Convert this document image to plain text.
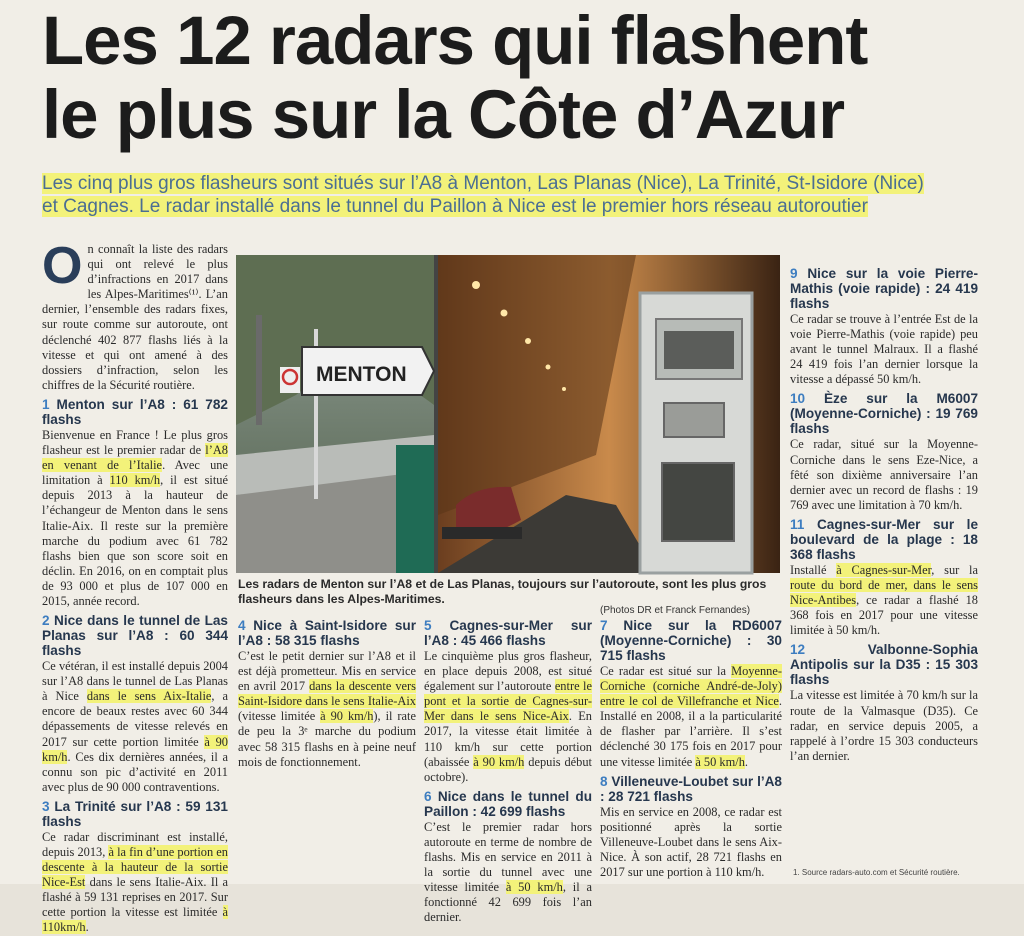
Les 12 radars qui flashent
le plus sur la Côte d’Azur
Les cinq plus gros flasheurs sont situés sur l’A8 à Menton, Las Planas (Nice), La Trinité, St-Isidore (Nice)
et Cagnes. Le radar installé dans le tunnel du Paillon à Nice est le premier hors réseau autoroutier
On connaît la liste des radars qui ont relevé le plus d’infractions en 2017 dans les Alpes-Maritimes⁽¹⁾. L’an dernier, l’ensemble des radars fixes, sur route comme sur autoroute, ont déclenché 402 877 flashs liés à la vitesse et qui ont amené à des dossiers d’infraction, selon les chiffres de la Sécurité routière.
1 Menton sur l’A8 : 61 782 flashs
Bienvenue en France ! Le plus gros flasheur est le premier radar de l’A8 en venant de l’Italie. Avec une limitation à 110 km/h, il est situé depuis 2013 à la hauteur de l’échangeur de Menton dans le sens Italie-Aix. Il reste sur la première marche du podium avec 61 782 flashs bien que son score soit en déclin. En 2016, on en comptait plus de 93 000 et plus de 107 000 en 2015, année record.
2 Nice dans le tunnel de Las Planas sur l’A8 : 60 344 flashs
Ce vétéran, il est installé depuis 2004 sur l’A8 dans le tunnel de Las Planas à Nice dans le sens Aix-Italie, a encore de beaux restes avec 60 344 dépassements de vitesse relevés en 2017 sur cette portion limitée à 90 km/h. Ces dix dernières années, il a connu son pic d’activité en 2011 avec plus de 90 000 contraventions.
3 La Trinité sur l’A8 : 59 131 flashs
Ce radar discriminant est installé, depuis 2013, à la fin d’une portion en descente à la hauteur de la sortie Nice-Est dans le sens Italie-Aix. Il a flashé à 59 131 reprises en 2017. Sur cette portion la vitesse est limitée à 110km/h.
MENTON
Les radars de Menton sur l’A8 et de Las Planas, toujours sur l’autoroute, sont les plus gros flasheurs dans les Alpes-Maritimes.
(Photos DR et Franck Fernandes)
4 Nice à Saint-Isidore sur l’A8 : 58 315 flashs
C’est le petit dernier sur l’A8 et il est déjà prometteur. Mis en service en avril 2017 dans la descente vers Saint-Isidore dans le sens Italie-Aix (vitesse limitée à 90 km/h), il rate de peu la 3ᵉ marche du podium avec 58 315 flashs en à peine neuf mois de fonctionnement.
5 Cagnes-sur-Mer sur l’A8 : 45 466 flashs
Le cinquième plus gros flasheur, en place depuis 2008, est situé également sur l’autoroute entre le pont et la sortie de Cagnes-sur-Mer dans le sens Nice-Aix. En 2017, la vitesse était limitée à 110 km/h sur cette portion (abaissée à 90 km/h depuis début octobre).
6 Nice dans le tunnel du Paillon : 42 699 flashs
C’est le premier radar hors autoroute en terme de nombre de flashs. Mis en service en 2011 à la sortie du tunnel avec une vitesse limitée à 50 km/h, il a fonctionné 42 699 fois l’an dernier.
7 Nice sur la RD6007 (Moyenne-Corniche) : 30 715 flashs
Ce radar est situé sur la Moyenne-Corniche (corniche André-de-Joly) entre le col de Villefranche et Nice. Installé en 2008, il a la particularité de flasher par l’arrière. Il s’est déclenché 30 175 fois en 2017 pour une vitesse limitée à 50 km/h.
8 Villeneuve-Loubet sur l’A8 : 28 721 flashs
Mis en service en 2008, ce radar est positionné après la sortie Villeneuve-Loubet dans le sens Aix-Nice. À son actif, 28 721 flashs en 2017 sur une portion à 110 km/h.
9 Nice sur la voie Pierre-Mathis (voie rapide) : 24 419 flashs
Ce radar se trouve à l’entrée Est de la voie Pierre-Mathis (voie rapide) peu avant le tunnel Malraux. Il a flashé 24 419 fois l’an dernier lorsque la vitesse a dépassé 50 km/h.
10 Èze sur la M6007 (Moyenne-Corniche) : 19 769 flashs
Ce radar, situé sur la Moyenne-Corniche dans le sens Eze-Nice, a fêté son dixième anniversaire l’an dernier avec un record de flashs : 19 769 avec une limitation à 70 km/h.
11 Cagnes-sur-Mer sur le boulevard de la plage : 18 368 flashs
Installé à Cagnes-sur-Mer, sur la route du bord de mer, dans le sens Nice-Antibes, ce radar a flashé 18 368 fois en 2017 pour une vitesse limitée à 50 km/h.
12	Valbonne-Sophia Antipolis sur la D35 : 15 303 flashs
La vitesse est limitée à 70 km/h sur la route de la Valmasque (D35). Ce radar, en service depuis 2005, a rappelé à l’ordre 15 303 conducteurs l’an dernier.
1. Source radars-auto.com et Sécurité routière.
